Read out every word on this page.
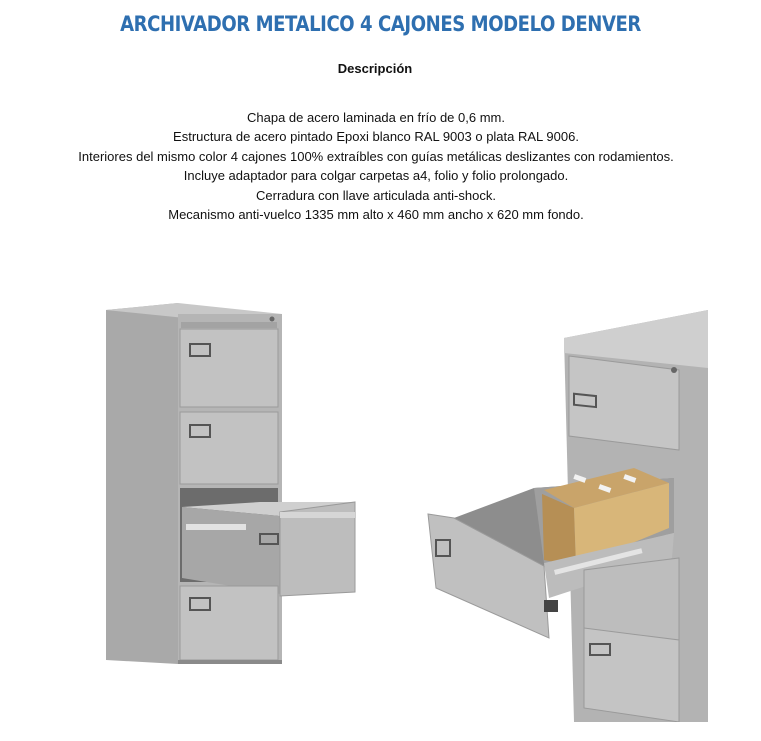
ARCHIVADOR METALICO 4 CAJONES MODELO DENVER
Descripción
Chapa de acero laminada en frío de 0,6 mm.
Estructura de acero pintado Epoxi blanco RAL 9003 o plata RAL 9006.
Interiores del mismo color 4 cajones 100% extraíbles con guías metálicas deslizantes con rodamientos.
Incluye adaptador para colgar carpetas a4, folio y folio prolongado.
Cerradura con llave articulada anti-shock.
Mecanismo anti-vuelco 1335 mm alto x 460 mm ancho x 620 mm fondo.
